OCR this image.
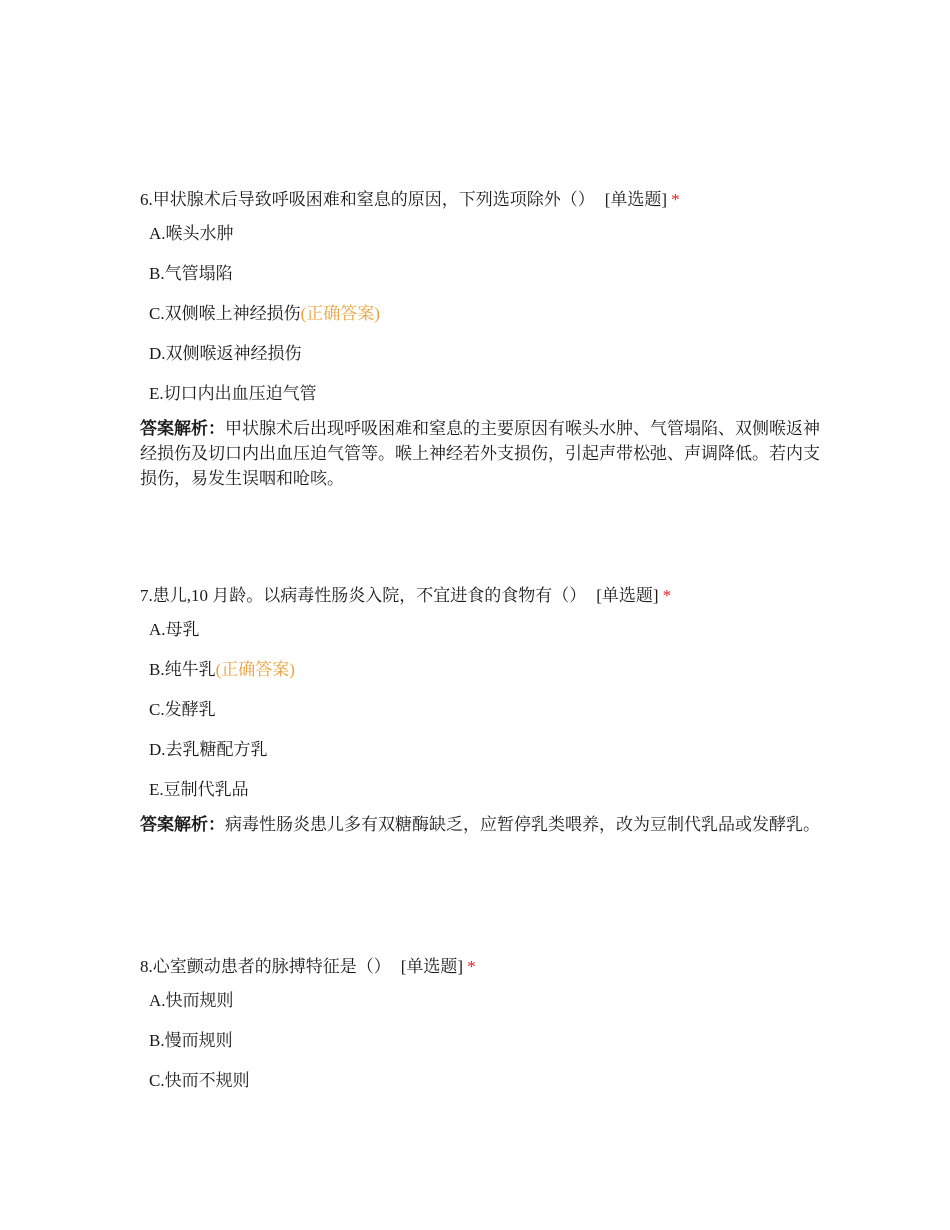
6.甲状腺术后导致呼吸困难和窒息的原因，下列选项除外（） [单选题] *

A.喉头水肿
B.气管塌陷
C.双侧喉上神经损伤(正确答案)
D.双侧喉返神经损伤
E.切口内出血压迫气管
答案解析：甲状腺术后出现呼吸困难和窒息的主要原因有喉头水肿、气管塌陷、双侧喉返神经损伤及切口内出血压迫气管等。喉上神经若外支损伤，引起声带松弛、声调降低。若内支损伤，易发生误咽和呛咳。

7.患儿,10 月龄。以病毒性肠炎入院，不宜进食的食物有（） [单选题] *

A.母乳
B.纯牛乳(正确答案)
C.发酵乳
D.去乳糖配方乳
E.豆制代乳品
答案解析：病毒性肠炎患儿多有双糖酶缺乏，应暂停乳类喂养，改为豆制代乳品或发酵乳。

8.心室颤动患者的脉搏特征是（） [单选题] *

A.快而规则
B.慢而规则
C.快而不规则
